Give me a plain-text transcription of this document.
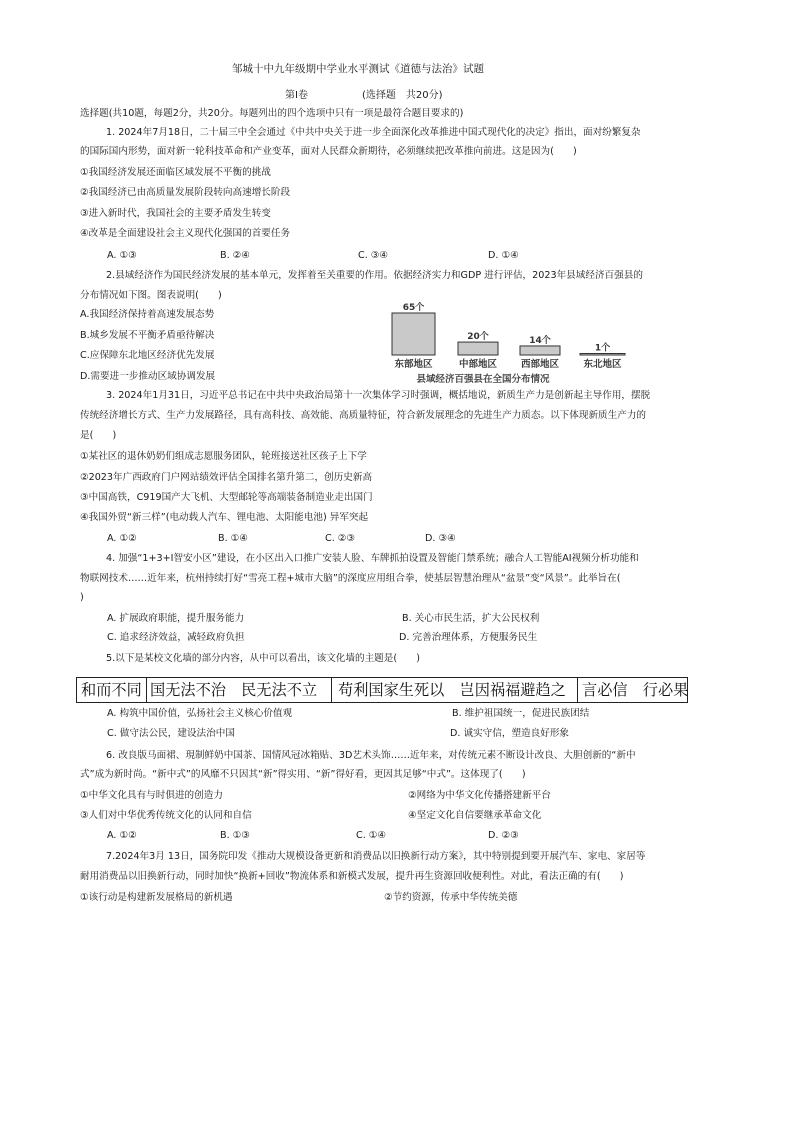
邹城十中九年级期中学业水平测试《道德与法治》试题
第Ⅰ卷	(选择题　共20分)
选择题(共10题，每题2分，共20分。每题列出的四个选项中只有一项是最符合题目要求的)
1. 2024年7月18日，二十届三中全会通过《中共中央关于进一步全面深化改革推进中国式现代化的决定》指出，面对纷繁复杂
的国际国内形势，面对新一轮科技革命和产业变革，面对人民群众新期待，必须继续把改革推向前进。这是因为(　　)
①我国经济发展还面临区域发展不平衡的挑战
②我国经济已由高质量发展阶段转向高速增长阶段
③进入新时代，我国社会的主要矛盾发生转变
④改革是全面建设社会主义现代化强国的首要任务
A. ①③	B. ②④	C. ③④	D. ①④
2.县域经济作为国民经济发展的基本单元，发挥着至关重要的作用。依据经济实力和GDP 进行评估，2023年县域经济百强县的
分布情况如下图。图表说明(　　)
A.我国经济保持着高速发展态势
B.城乡发展不平衡矛盾亟待解决
C.应保障东北地区经济优先发展
D.需要进一步推动区域协调发展
65个
东部地区
20个
中部地区
14个
西部地区
1个
东北地区
县域经济百强县在全国分布情况
3. 2024年1月31日，习近平总书记在中共中央政治局第十一次集体学习时强调，概括地说，新质生产力是创新起主导作用，摆脱
传统经济增长方式、生产力发展路径，具有高科技、高效能、高质量特征，符合新发展理念的先进生产力质态。以下体现新质生产力的
是(　　)
①某社区的退休奶奶们组成志愿服务团队，轮班接送社区孩子上下学
②2023年广西政府门户网站绩效评估全国排名第升第二，创历史新高
③中国高铁，C919国产大飞机、大型邮轮等高端装备制造业走出国门
④我国外贸“新三样”(电动载人汽车、锂电池、太阳能电池) 异军突起
A. ①②	B. ①④	C. ②③	D. ③④
4. 加强“1+3+I智安小区”建设，在小区出入口推广安装人脸、车牌抓拍设置及智能门禁系统；融合人工智能AI视频分析功能和
物联网技术……近年来，杭州持续打好“雪亮工程+城市大脑”的深度应用组合拳，使基层智慧治理从“盆景”变“风景”。此举旨在(
)
A. 扩展政府职能，提升服务能力	B. 关心市民生活，扩大公民权利
C. 追求经济效益，减轻政府负担	D. 完善治理体系，方便服务民生
5.以下是某校文化墙的部分内容，从中可以看出，该文化墙的主题是(　　)
和而不同 国无法不治　民无法不立 苟利国家生死以　岂因祸福避趋之 言必信　行必果
A. 构筑中国价值，弘扬社会主义核心价值观	B. 维护祖国统一，促进民族团结
C. 做守法公民，建设法治中国	D. 诚实守信，塑造良好形象
6. 改良版马面裙、現制鲜奶中国茶、国情风冠冰箱贴、3D艺术头饰……近年来，对传统元素不断设计改良、大胆创新的“新中
式”成为新时尚。“新中式”的风靡不只因其“新”得实用、“新”得好看，更因其足够“中式”。这体现了(　　)
①中华文化具有与时俱进的创造力	②网络为中华文化传播搭建新平台
③人们对中华优秀传统文化的认同和自信	④坚定文化自信要继承革命文化
A. ①②	B. ①③	C. ①④	D. ②③
7.2024年3月 13日，国务院印发《推动大规模设备更新和消费品以旧换新行动方案》，其中特别提到要开展汽车、家电、家居等
耐用消费品以旧换新行动，同时加快“换新+回收”物流体系和新模式发展，提升再生资源回收便利性。对此，看法正确的有(　　)
①该行动是构建新发展格局的新机遇	②节约资源，传承中华传统美德
